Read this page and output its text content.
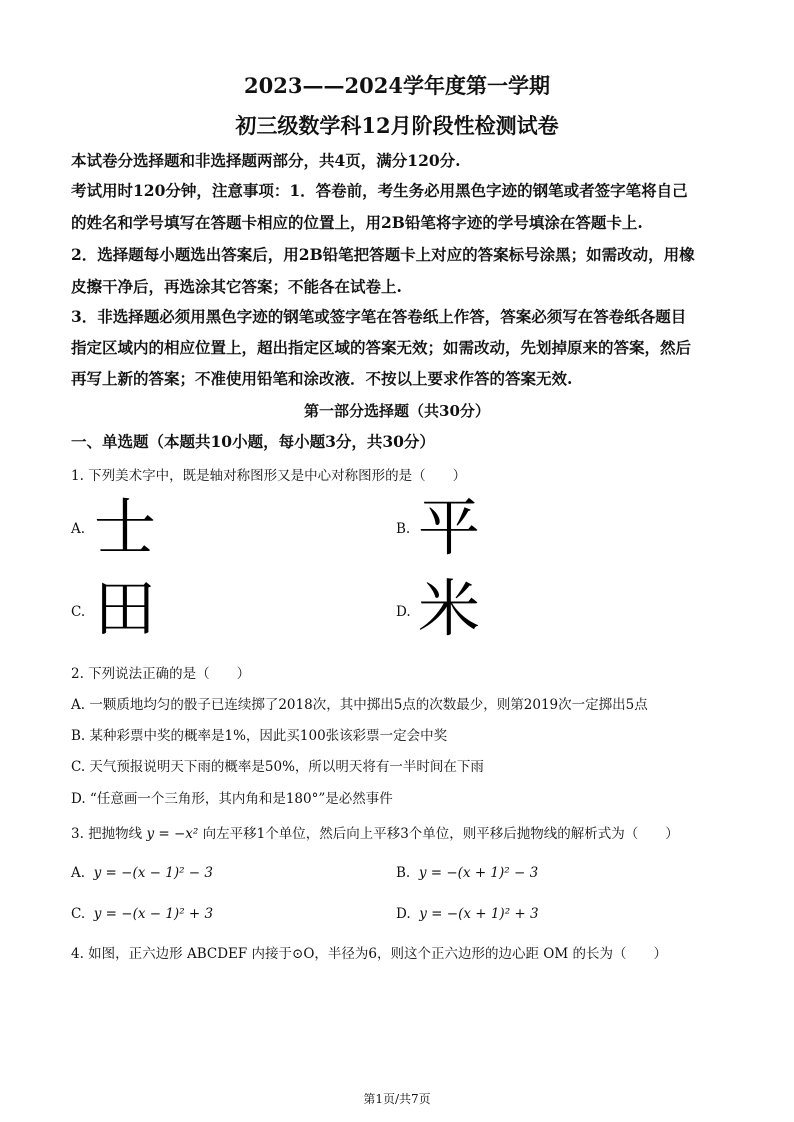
2023——2024学年度第一学期
初三级数学科12月阶段性检测试卷
本试卷分选择题和非选择题两部分，共4页，满分120分.
考试用时120分钟，注意事项：1．答卷前，考生务必用黑色字迹的钢笔或者签字笔将自己
的姓名和学号填写在答题卡相应的位置上，用2B铅笔将字迹的学号填涂在答题卡上.
2．选择题每小题选出答案后，用2B铅笔把答题卡上对应的答案标号涂黑；如需改动，用橡
皮擦干净后，再选涂其它答案；不能各在试卷上.
3．非选择题必须用黑色字迹的钢笔或签字笔在答卷纸上作答，答案必须写在答卷纸各题目
指定区域内的相应位置上，超出指定区域的答案无效；如需改动，先划掉原来的答案，然后
再写上新的答案；不准使用铅笔和涂改液．不按以上要求作答的答案无效.
第一部分选择题（共30分）
一、单选题（本题共10小题，每小题3分，共30分）
1. 下列美术字中，既是轴对称图形又是中心对称图形的是（　　）
A. 士	B. 平
C. 田	D. 米
2. 下列说法正确的是（　　）
A. 一颗质地均匀的骰子已连续掷了2018次，其中掷出5点的次数最少，则第2019次一定掷出5点
B. 某种彩票中奖的概率是1%，因此买100张该彩票一定会中奖
C. 天气预报说明天下雨的概率是50%，所以明天将有一半时间在下雨
D. “任意画一个三角形，其内角和是180°”是必然事件
3. 把抛物线 y = −x² 向左平移1个单位，然后向上平移3个单位，则平移后抛物线的解析式为（　　）
A. y = −(x − 1)² − 3	B. y = −(x + 1)² − 3
C. y = −(x − 1)² + 3	D. y = −(x + 1)² + 3
4. 如图，正六边形 ABCDEF 内接于⊙O，半径为6，则这个正六边形的边心距 OM 的长为（　　）
第1页/共7页
